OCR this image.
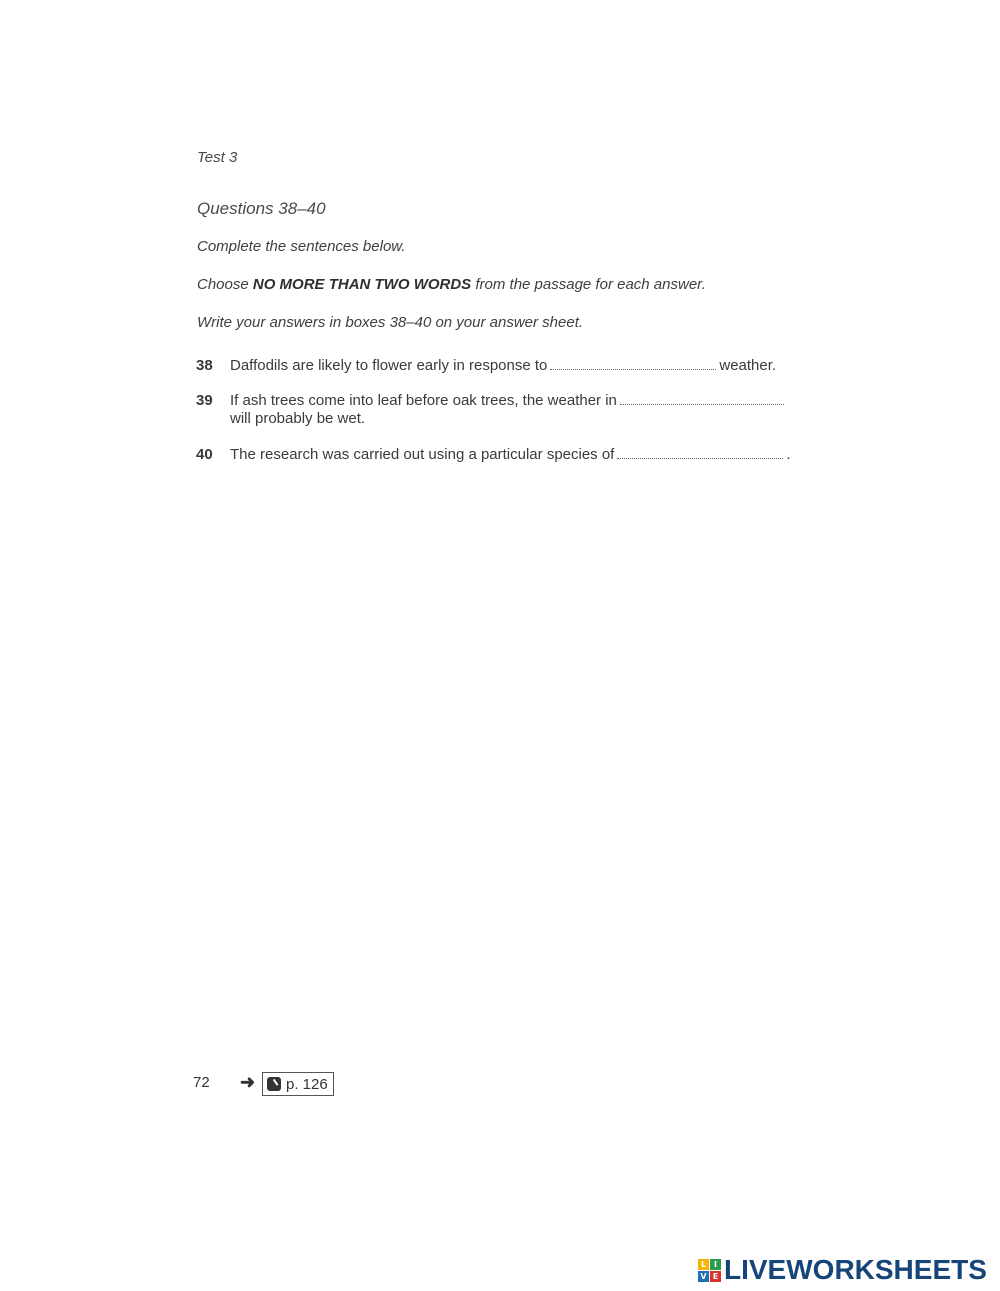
Test 3
Questions 38–40
Complete the sentences below.
Choose NO MORE THAN TWO WORDS from the passage for each answer.
Write your answers in boxes 38–40 on your answer sheet.
38	Daffodils are likely to flower early in response to	weather.
39	If ash trees come into leaf before oak trees, the weather in
will probably be wet.
40	The research was carried out using a particular species of	.
72 ➜ p. 126
L I
V E LIVEWORKSHEETS
